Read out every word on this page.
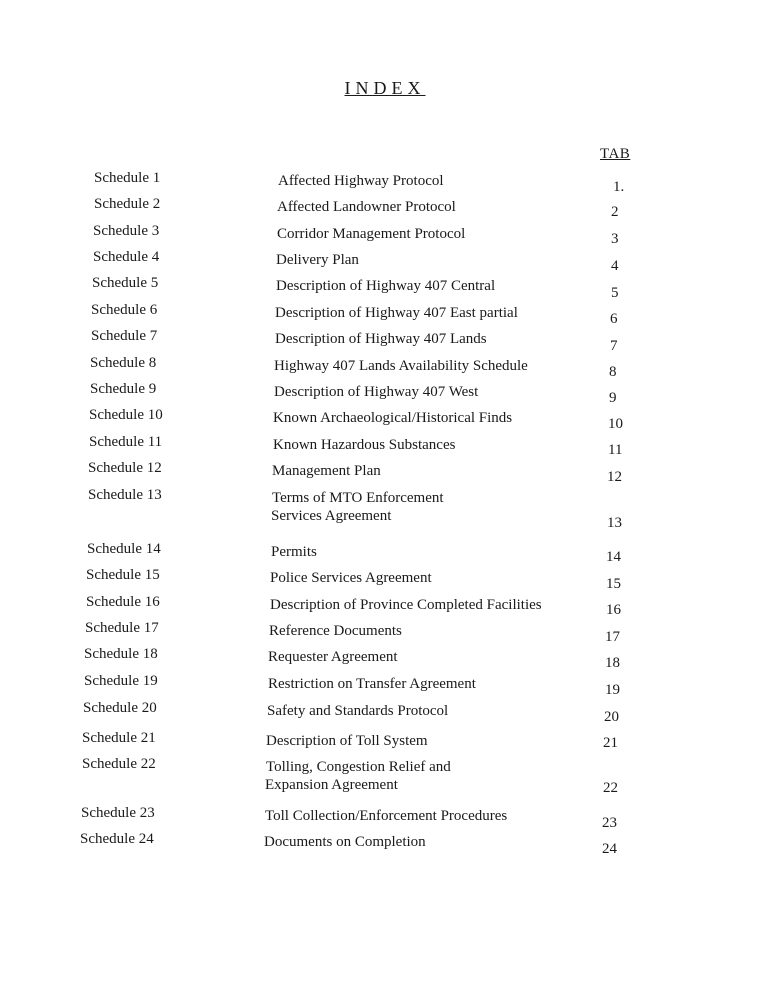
INDEX
TAB
Schedule 1	Affected Highway Protocol	1.
Schedule 2	Affected Landowner Protocol	2
Schedule 3	Corridor Management Protocol	3
Schedule 4	Delivery Plan	4
Schedule 5	Description of Highway 407 Central	5
Schedule 6	Description of Highway 407 East partial	6
Schedule 7	Description of Highway 407 Lands	7
Schedule 8	Highway 407 Lands Availability Schedule	8
Schedule 9	Description of Highway 407 West	9
Schedule 10	Known Archaeological/Historical Finds	10
Schedule 11	Known Hazardous Substances	11
Schedule 12	Management Plan	12
Schedule 13	Terms of MTO Enforcement
Services Agreement	13
Schedule 14	Permits	14
Schedule 15	Police Services Agreement	15
Schedule 16	Description of Province Completed Facilities	16
Schedule 17	Reference Documents	17
Schedule 18	Requester Agreement	18
Schedule 19	Restriction on Transfer Agreement	19
Schedule 20	Safety and Standards Protocol	20
Schedule 21	Description of Toll System	21
Schedule 22	Tolling, Congestion Relief and
Expansion Agreement	22
Schedule 23	Toll Collection/Enforcement Procedures	23
Schedule 24	Documents on Completion	24
